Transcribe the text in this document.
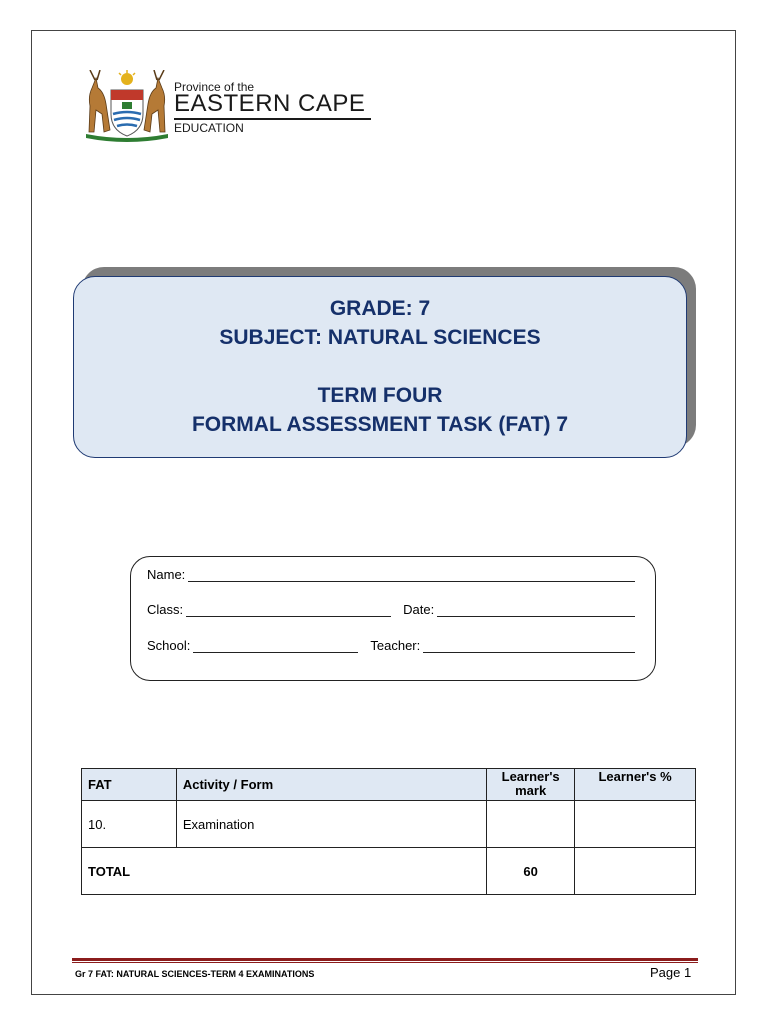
Province of the
EASTERN CAPE
EDUCATION
GRADE: 7
SUBJECT: NATURAL SCIENCES
TERM FOUR
FORMAL ASSESSMENT TASK (FAT) 7
Name:
Class:	Date:
School:	Teacher:
FAT	Activity / Form	Learner's mark	Learner's %
10.	Examination		
TOTAL		60	
Gr 7 FAT: NATURAL SCIENCES-TERM 4 EXAMINATIONS	Page 1
